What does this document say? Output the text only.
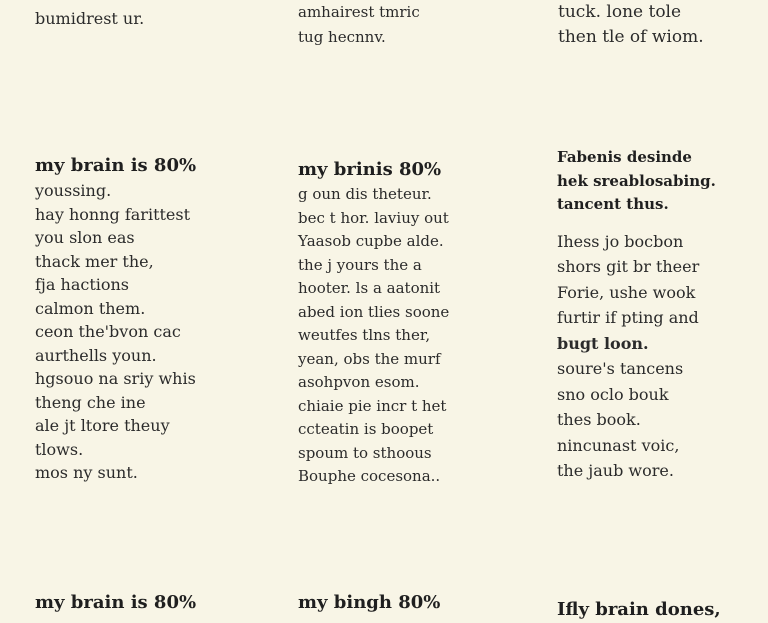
bumidrest ur.	amhairest tmric
tug hecnnv.
tuck. lone tole
then tle of wiom.
my brain is 80%
youssing.
hay honng farittest
you slon eas
thack mer the,
fja hactions
calmon them.
ceon the'bvon cac
aurthells youn.
hgsouo na sriy whis
theng che ine
ale jt ltore theuy
tlows.
mos ny sunt.
my brinis 80%
g oun dis theteur.
bec t hor. laviuy out
Yaasob cupbe alde.
the j yours the a
hooter. ls a aatonit
abed ion tlies soone
weutfes tlns ther,
yean, obs the murf
asohpvon esom.
chiaie pie incr t het
ccteatin is boopet
spoum to sthoous
Bouphe cocesona..
Fabenis desinde
hek sreablosabing.
tancent thus.
Ihess jo bocbon
shors git br theer
Forie, ushe wook
furtir if pting and
bugt loon.
soure's tancens
sno oclo bouk
thes book.
nincunast voic,
the jaub wore.
my brain is 80%	my bingh 80%	Ifly brain dones,
